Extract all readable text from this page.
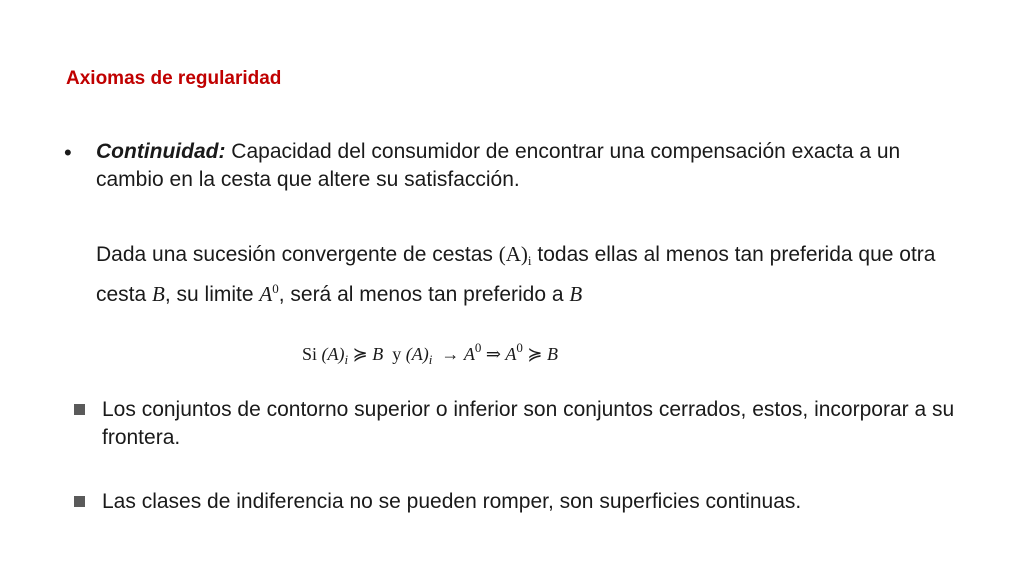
Axiomas de regularidad
• Continuidad: Capacidad del consumidor de encontrar una compensación exacta a un cambio en la cesta que altere su satisfacción.
Dada una sucesión convergente de cestas $(A)_i$ todas ellas al menos tan preferida que otra cesta B, su limite $A^0$, será al menos tan preferido a B
Si $(A)_i$ ≽ B  y $(A)_i \to A^0$ ⇒ $A^0$ ≽ B
Los conjuntos de contorno superior o inferior son conjuntos cerrados, estos, incorporar a su frontera.
Las clases de indiferencia no se pueden romper, son superficies continuas.
